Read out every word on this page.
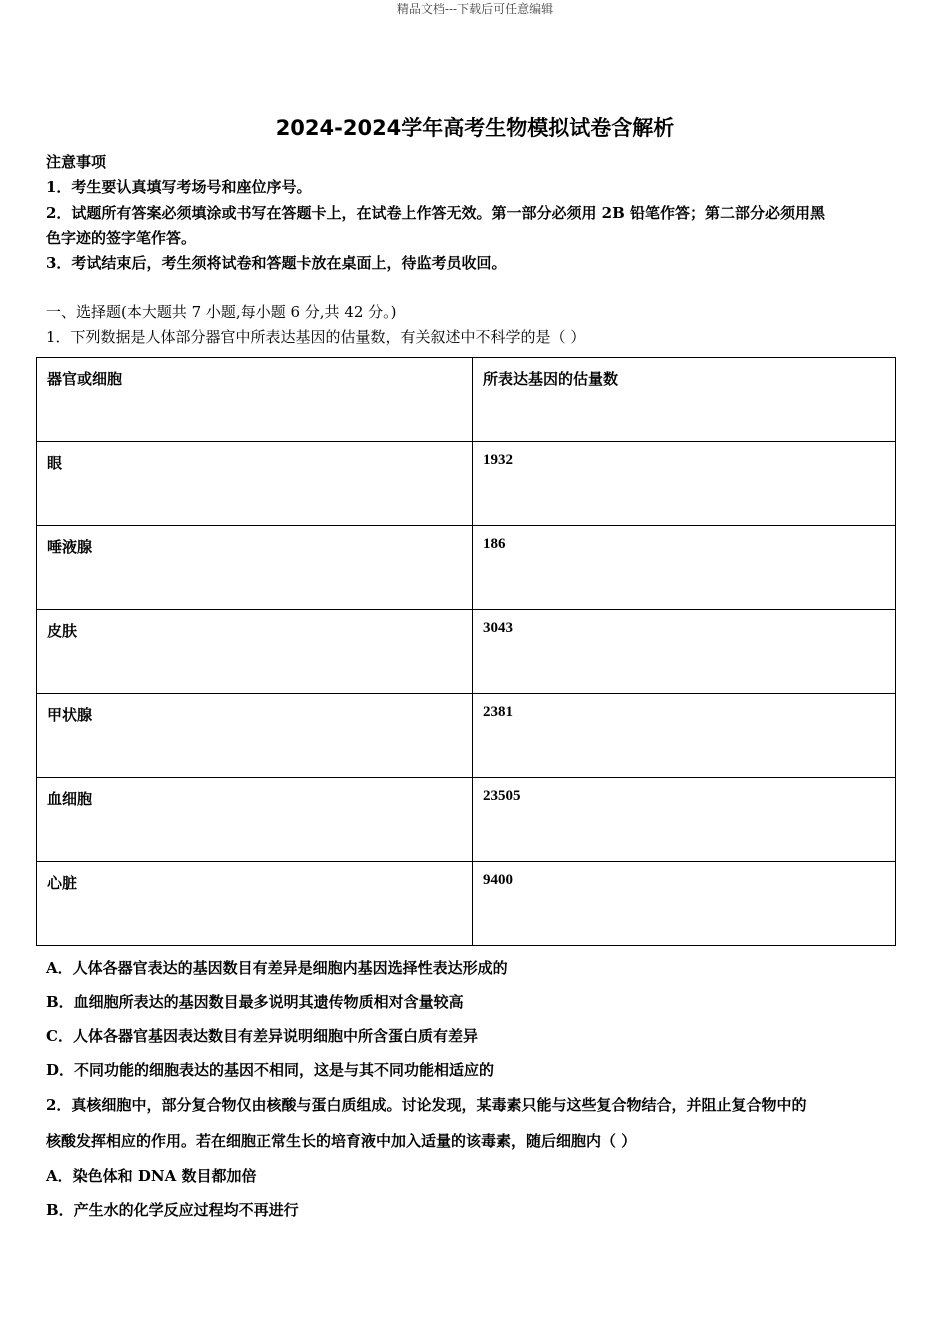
精品文档---下载后可任意编辑
2024-2024学年高考生物模拟试卷含解析
注意事项
1．考生要认真填写考场号和座位序号。
2．试题所有答案必须填涂或书写在答题卡上，在试卷上作答无效。第一部分必须用 2B 铅笔作答；第二部分必须用黑
色字迹的签字笔作答。
3．考试结束后，考生须将试卷和答题卡放在桌面上，待监考员收回。
一、选择题(本大题共 7 小题,每小题 6 分,共 42 分。)
1．下列数据是人体部分器官中所表达基因的估量数，有关叙述中不科学的是（ ）
器官或细胞	所表达基因的估量数
眼	1932
唾液腺	186
皮肤	3043
甲状腺	2381
血细胞	23505
心脏	9400
A．人体各器官表达的基因数目有差异是细胞内基因选择性表达形成的
B．血细胞所表达的基因数目最多说明其遗传物质相对含量较高
C．人体各器官基因表达数目有差异说明细胞中所含蛋白质有差异
D．不同功能的细胞表达的基因不相同，这是与其不同功能相适应的
2．真核细胞中，部分复合物仅由核酸与蛋白质组成。讨论发现，某毒素只能与这些复合物结合，并阻止复合物中的
核酸发挥相应的作用。若在细胞正常生长的培育液中加入适量的该毒素，随后细胞内（ ）
A．染色体和 DNA 数目都加倍
B．产生水的化学反应过程均不再进行
